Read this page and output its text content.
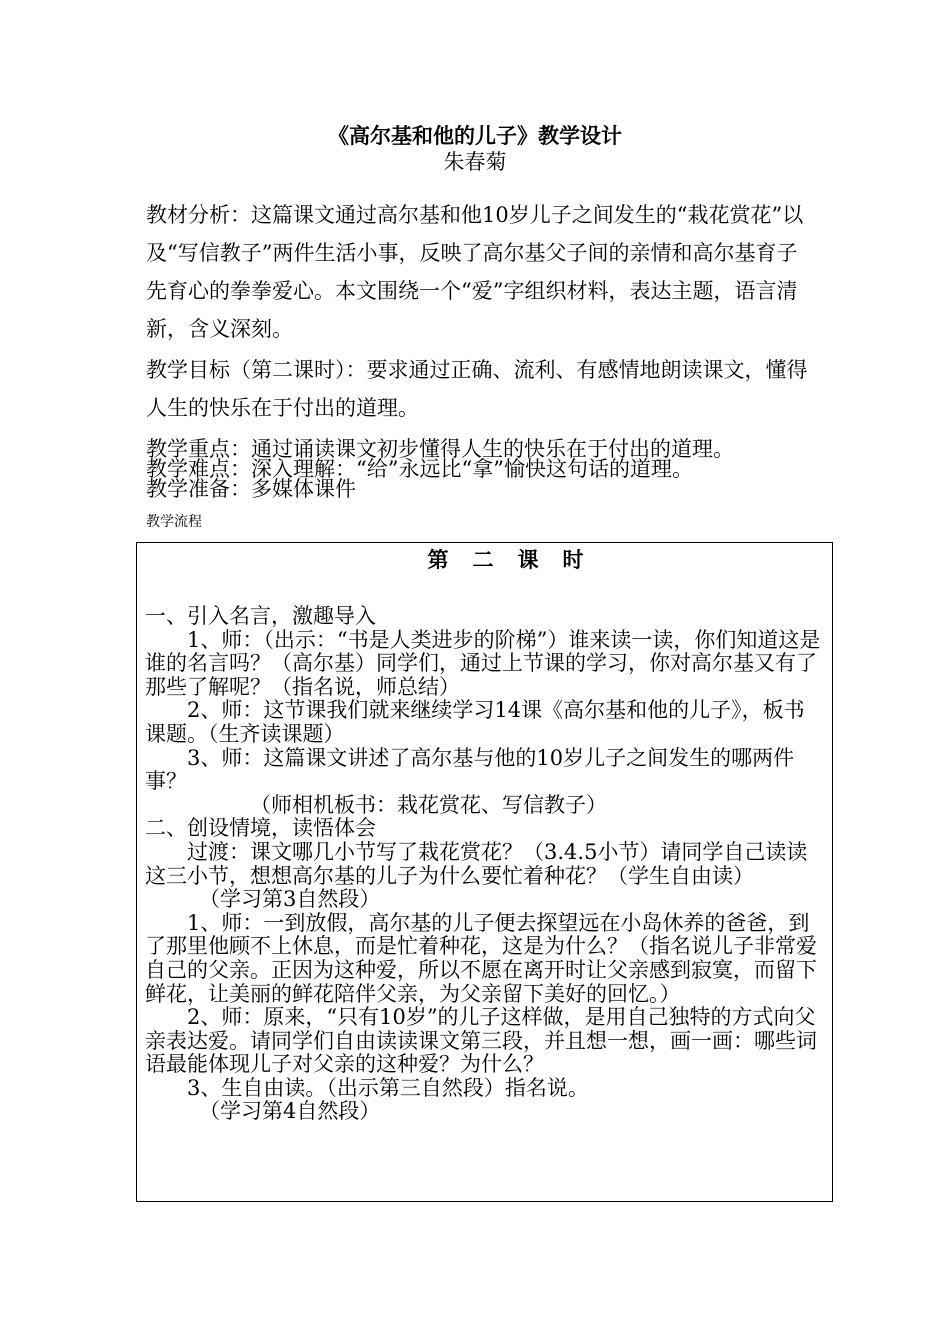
《高尔基和他的儿子》教学设计
朱春菊

教材分析：这篇课文通过高尔基和他10岁儿子之间发生的“栽花赏花”以及“写信教子”两件生活小事，反映了高尔基父子间的亲情和高尔基育子先育心的拳拳爱心。本文围绕一个“爱”字组织材料，表达主题，语言清新，含义深刻。

教学目标（第二课时）：要求通过正确、流利、有感情地朗读课文，懂得人生的快乐在于付出的道理。

教学重点：通过诵读课文初步懂得人生的快乐在于付出的道理。

教学难点：深入理解：“给”永远比“拿”愉快这句话的道理。

教学准备：多媒体课件

教学流程
第二课时

一、引入名言，激趣导入

1、师：（出示：“书是人类进步的阶梯”）谁来读一读，你们知道这是谁的名言吗？（高尔基）同学们，通过上节课的学习，你对高尔基又有了那些了解呢？（指名说，师总结）

2、师：这节课我们就来继续学习14课《高尔基和他的儿子》，板书课题。（生齐读课题）

3、师：这篇课文讲述了高尔基与他的10岁儿子之间发生的哪两件事？

（师相机板书：栽花赏花、写信教子）

二、创设情境，读悟体会

过渡：课文哪几小节写了栽花赏花？（3.4.5小节）请同学自己读读这三小节，想想高尔基的儿子为什么要忙着种花？（学生自由读）

（学习第3自然段）

1、师：一到放假，高尔基的儿子便去探望远在小岛休养的爸爸，到了那里他顾不上休息，而是忙着种花，这是为什么？（指名说儿子非常爱自己的父亲。正因为这种爱，所以不愿在离开时让父亲感到寂寞，而留下鲜花，让美丽的鲜花陪伴父亲，为父亲留下美好的回忆。）

2、师：原来，“只有10岁”的儿子这样做，是用自己独特的方式向父亲表达爱。请同学们自由读读课文第三段，并且想一想，画一画：哪些词语最能体现儿子对父亲的这种爱？为什么？

3、生自由读。（出示第三自然段）指名说。

（学习第4自然段）
